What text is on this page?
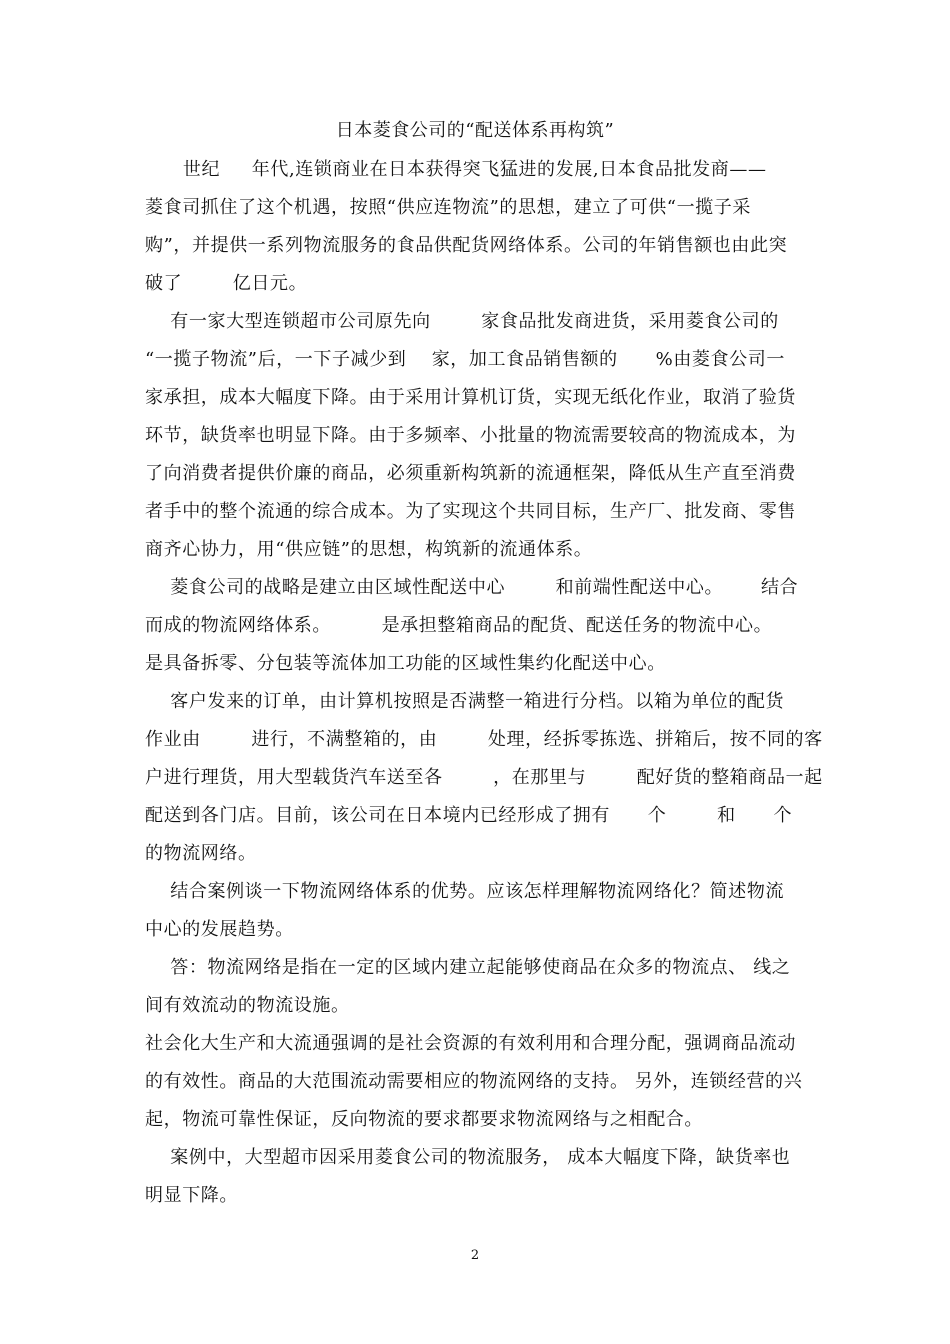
日本菱食公司的“配送体系再构筑”
世纪     年代,连锁商业在日本获得突飞猛进的发展,日本食品批发商——
菱食司抓住了这个机遇，按照“供应连物流”的思想，建立了可供“一揽子采
购”，并提供一系列物流服务的食品供配货网络体系。公司的年销售额也由此突
破了        亿日元。
有一家大型连锁超市公司原先向        家食品批发商进货，采用菱食公司的
“一揽子物流”后，一下子减少到    家，加工食品销售额的      %由菱食公司一
家承担，成本大幅度下降。由于采用计算机订货，实现无纸化作业，取消了验货
环节，缺货率也明显下降。由于多频率、小批量的物流需要较高的物流成本，为
了向消费者提供价廉的商品，必须重新构筑新的流通框架，降低从生产直至消费
者手中的整个流通的综合成本。为了实现这个共同目标，生产厂、批发商、零售
商齐心协力，用“供应链”的思想，构筑新的流通体系。
菱食公司的战略是建立由区域性配送中心        和前端性配送中心。      结合
而成的物流网络体系。        是承担整箱商品的配货、配送任务的物流中心。
是具备拆零、分包装等流体加工功能的区域性集约化配送中心。
客户发来的订单，由计算机按照是否满整一箱进行分档。以箱为单位的配货
作业由        进行，不满整箱的，由        处理，经拆零拣选、拼箱后，按不同的客
户进行理货，用大型载货汽车送至各        ，在那里与        配好货的整箱商品一起
配送到各门店。目前，该公司在日本境内已经形成了拥有      个        和      个
的物流网络。
结合案例谈一下物流网络体系的优势。应该怎样理解物流网络化？简述物流
中心的发展趋势。
答：物流网络是指在一定的区域内建立起能够使商品在众多的物流点、 线之
间有效流动的物流设施。
社会化大生产和大流通强调的是社会资源的有效利用和合理分配，强调商品流动
的有效性。商品的大范围流动需要相应的物流网络的支持。 另外，连锁经营的兴
起，物流可靠性保证，反向物流的要求都要求物流网络与之相配合。
案例中，大型超市因采用菱食公司的物流服务， 成本大幅度下降，缺货率也
明显下降。
2
